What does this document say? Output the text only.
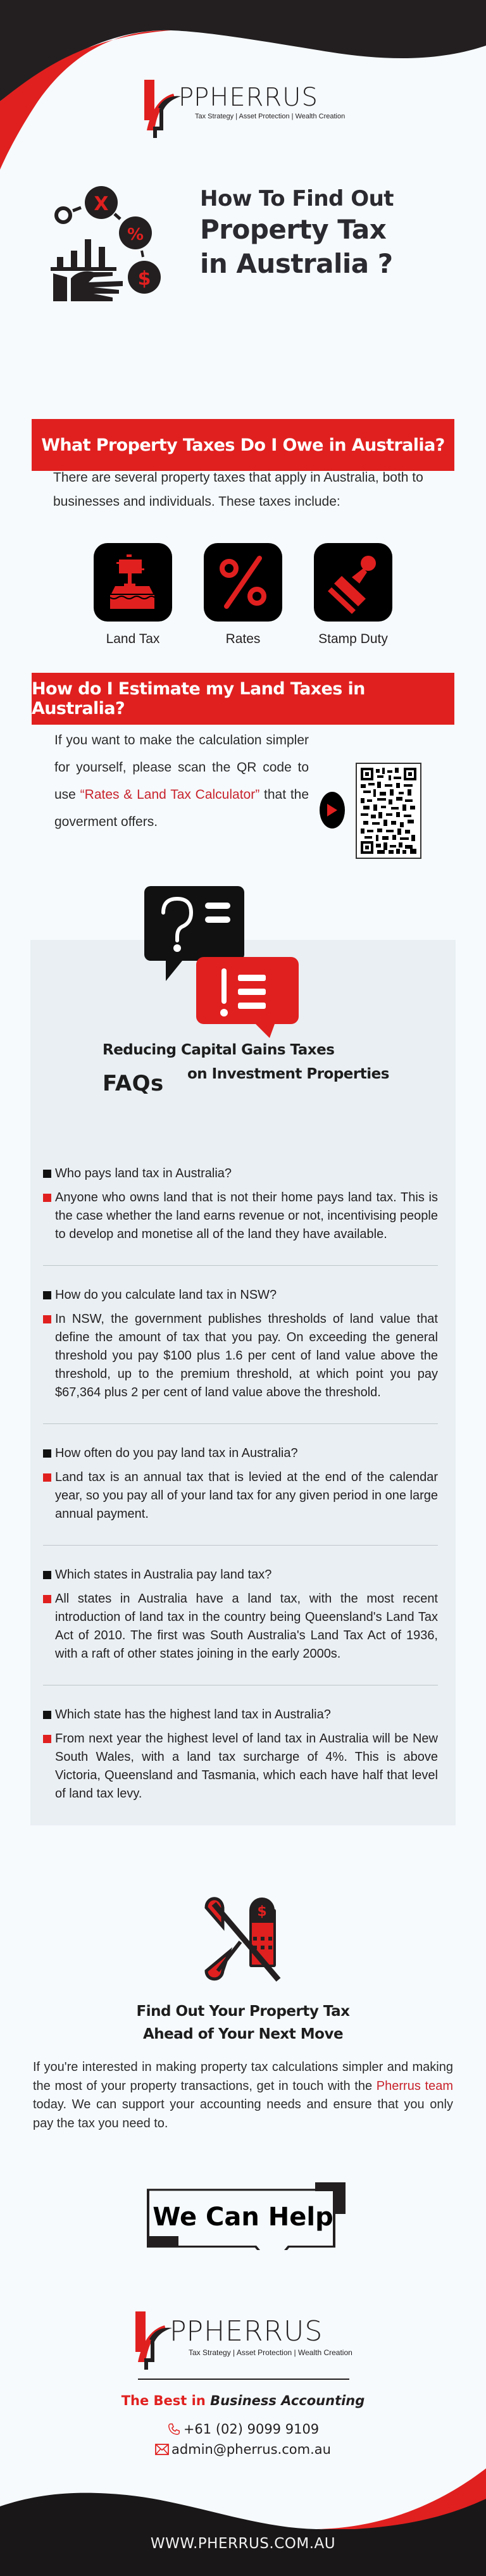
P PHERRUS
Tax Strategy | Asset Protection | Wealth Creation
X
%
$
How To Find Out
Property Tax
in Australia ?
What Property Taxes Do I Owe in Australia?
There are several property taxes that apply in Australia, both to businesses and individuals. These taxes include:
Land Tax	Rates	Stamp Duty
How do I Estimate my Land Taxes in Australia?
If you want to make the calculation simpler for yourself, please scan the QR code to use “Rates & Land Tax Calculator” that the goverment offers.
FAQs
Reducing Capital Gains Taxes
on Investment Properties
Who pays land tax in Australia?
Anyone who owns land that is not their home pays land tax. This is the case whether the land earns revenue or not, incentivising people to develop and monetise all of the land they have available.
How do you calculate land tax in NSW?
In NSW, the government publishes thresholds of land value that define the amount of tax that you pay. On exceeding the general threshold you pay $100 plus 1.6 per cent of land value above the threshold, up to the premium threshold, at which point you pay $67,364 plus 2 per cent of land value above the threshold.
How often do you pay land tax in Australia?
Land tax is an annual tax that is levied at the end of the calendar year, so you pay all of your land tax for any given period in one large annual payment.
Which states in Australia pay land tax?
All states in Australia have a land tax, with the most recent introduction of land tax in the country being Queensland's Land Tax Act of 2010. The first was South Australia's Land Tax Act of 1936, with a raft of other states joining in the early 2000s.
Which state has the highest land tax in Australia?
From next year the highest level of land tax in Australia will be New South Wales, with a land tax surcharge of 4%. This is above Victoria, Queensland and Tasmania, which each have half that level of land tax levy.
$
Find Out Your Property Tax
Ahead of Your Next Move
If you're interested in making property tax calculations simpler and making the most of your property transactions, get in touch with the Pherrus team today. We can support your accounting needs and ensure that you only pay the tax you need to.
We Can Help
P PHERRUS
Tax Strategy | Asset Protection | Wealth Creation
The Best in Business Accounting
+61 (02) 9099 9109
admin@pherrus.com.au
WWW.PHERRUS.COM.AU
